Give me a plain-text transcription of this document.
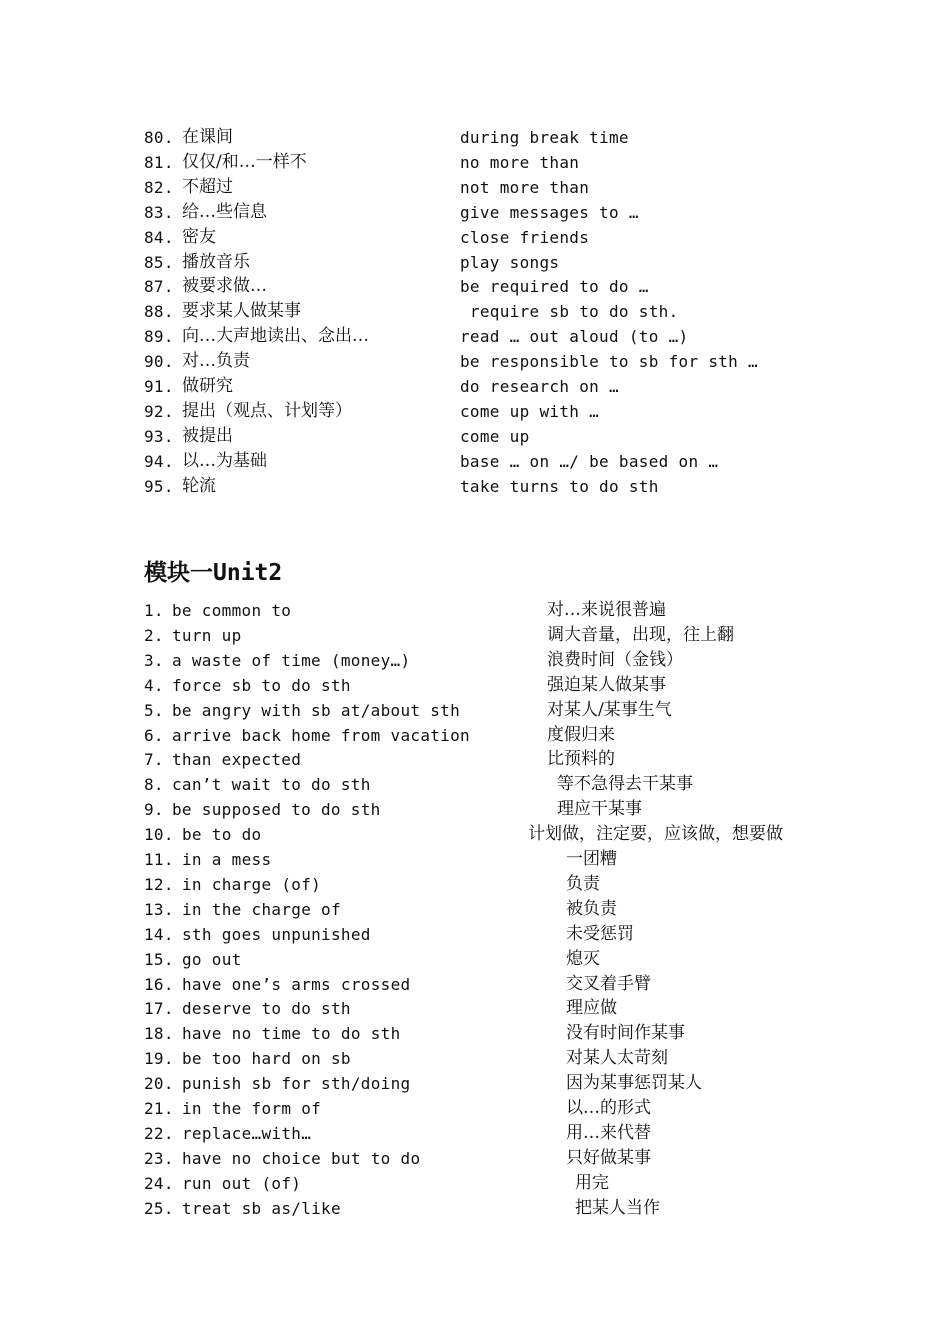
80. 在课间	during break time
81. 仅仅/和…一样不	no more than
82. 不超过	not more than
83. 给…些信息	give messages to …
84. 密友	close friends
85. 播放音乐	play songs
87. 被要求做…	be required to do …
88. 要求某人做某事	require sb to do sth.
89. 向…大声地读出、念出…	read … out aloud (to …)
90. 对…负责	be responsible to sb for sth …
91. 做研究	do research on …
92. 提出（观点、计划等）	come up with …
93. 被提出	come up
94. 以…为基础	base … on …/ be based on …
95. 轮流	take turns to do sth
模块一Unit2
1. be common to	对…来说很普遍
2. turn up	调大音量，出现，往上翻
3. a waste of time (money…)	浪费时间（金钱）
4. force sb to do sth	强迫某人做某事
5. be angry with sb at/about sth	对某人/某事生气
6. arrive back home from vacation	度假归来
7. than expected	比预料的
8. can’t wait to do sth	等不急得去干某事
9. be supposed to do sth	理应干某事
10. be to do	计划做，注定要，应该做，想要做
11. in a mess	一团糟
12. in charge (of)	负责
13. in the charge of	被负责
14. sth goes unpunished	未受惩罚
15. go out	熄灭
16. have one’s arms crossed	交叉着手臂
17. deserve to do sth	理应做
18. have no time to do sth	没有时间作某事
19. be too hard on sb	对某人太苛刻
20. punish sb for sth/doing	因为某事惩罚某人
21. in the form of	以…的形式
22. replace…with…	用…来代替
23. have no choice but to do	只好做某事
24. run out (of)	用完
25. treat sb as/like	把某人当作
